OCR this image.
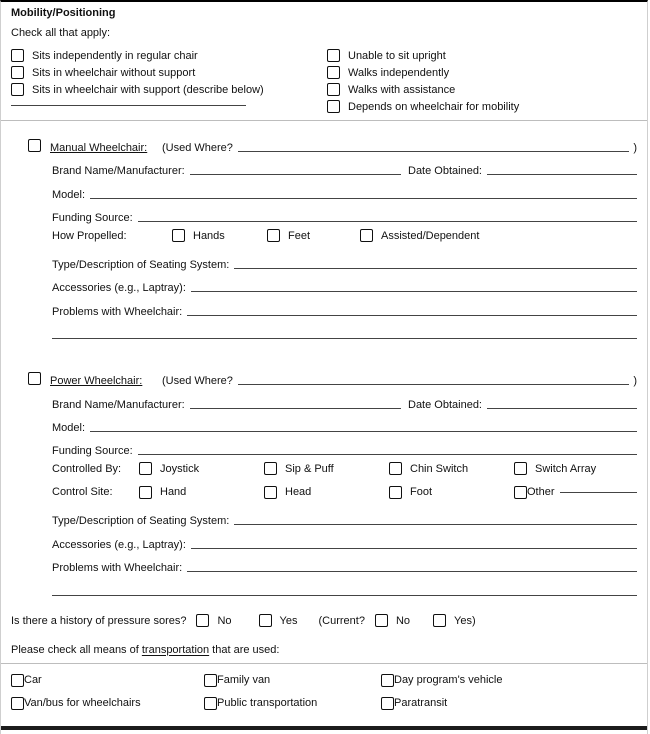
Mobility/Positioning
Check all that apply:
Sits independently in regular chair
Sits in wheelchair without support
Sits in wheelchair with support (describe below)
Unable to sit upright
Walks independently
Walks with assistance
Depends on wheelchair for mobility
Manual Wheelchair:	(Used Where?	)
Brand Name/Manufacturer:	Date Obtained:
Model:
Funding Source:
How Propelled:	Hands	Feet	Assisted/Dependent
Type/Description of Seating System:
Accessories (e.g., Laptray):
Problems with Wheelchair:
Power Wheelchair:	(Used Where?	)
Brand Name/Manufacturer:	Date Obtained:
Model:
Funding Source:
Controlled By:	Joystick	Sip & Puff	Chin Switch	Switch Array
Control Site:	Hand	Head	Foot	Other
Type/Description of Seating System:
Accessories (e.g., Laptray):
Problems with Wheelchair:
Is there a history of pressure sores?	No	Yes (Current?	No	Yes)
Please check all means of transportation that are used:
Car	Family van	Day program's vehicle
Van/bus for wheelchairs	Public transportation	Paratransit
